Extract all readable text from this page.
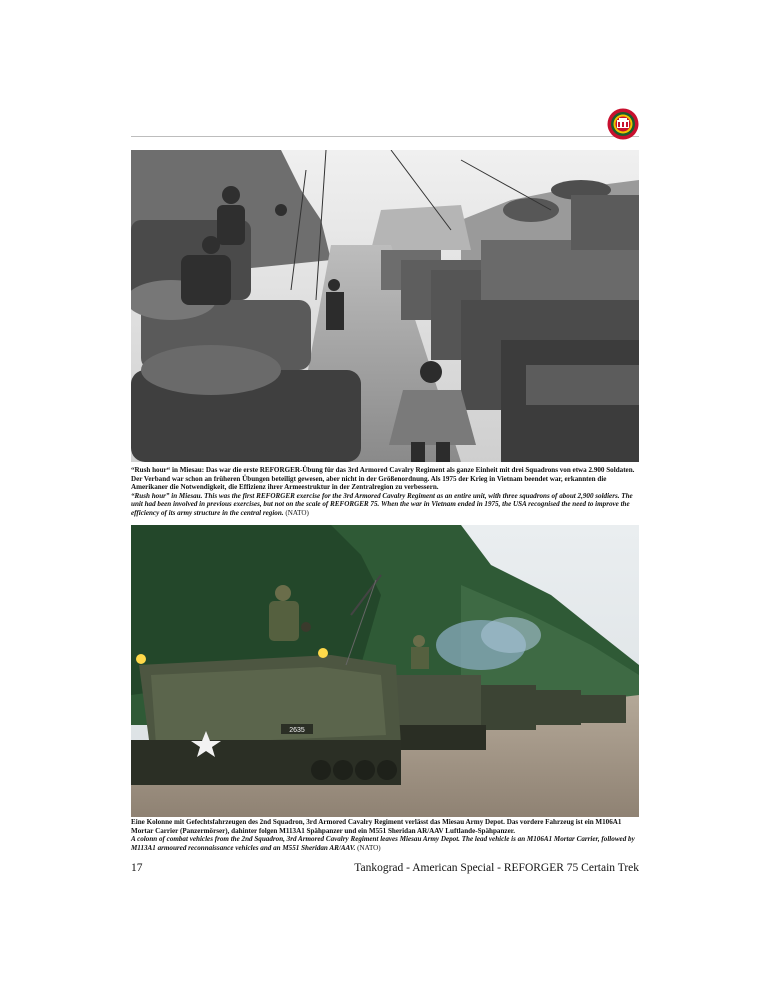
“Rush hour“ in Miesau: Das war die erste REFORGER-Übung für das 3rd Armored Cavalry Regiment als ganze Einheit mit drei Squadrons von etwa 2.900 Soldaten. Der Verband war schon an früheren Übungen beteiligt gewesen, aber nicht in der Größenordnung. Als 1975 der Krieg in Vietnam beendet war, erkannten die Amerikaner die Notwendigkeit, die Effizienz ihrer Armeestruktur in der Zentralregion zu verbessern.

“Rush hour” in Miesau. This was the first REFORGER exercise for the 3rd Armored Cavalry Regiment as an entire unit, with three squadrons of about 2,900 soldiers. The unit had been involved in previous exercises, but not on the scale of REFORGER 75. When the war in Vietnam ended in 1975, the USA recognised the need to improve the efficiency of its army structure in the central region. (NATO)

2635

Eine Kolonne mit Gefechtsfahrzeugen des 2nd Squadron, 3rd Armored Cavalry Regiment verlässt das Miesau Army Depot. Das vordere Fahrzeug ist ein M106A1 Mortar Carrier (Panzermörser), dahinter folgen M113A1 Spähpanzer und ein M551 Sheridan AR/AAV Luftlande-Spähpanzer.

A colonn of combat vehicles from the 2nd Squadron, 3rd Armored Cavalry Regiment leaves Miesau Army Depot. The lead vehicle is an M106A1 Mortar Carrier, followed by M113A1 armoured reconnaissance vehicles and an M551 Sheridan AR/AAV. (NATO)

17	Tankograd - American Special - REFORGER 75 Certain Trek
